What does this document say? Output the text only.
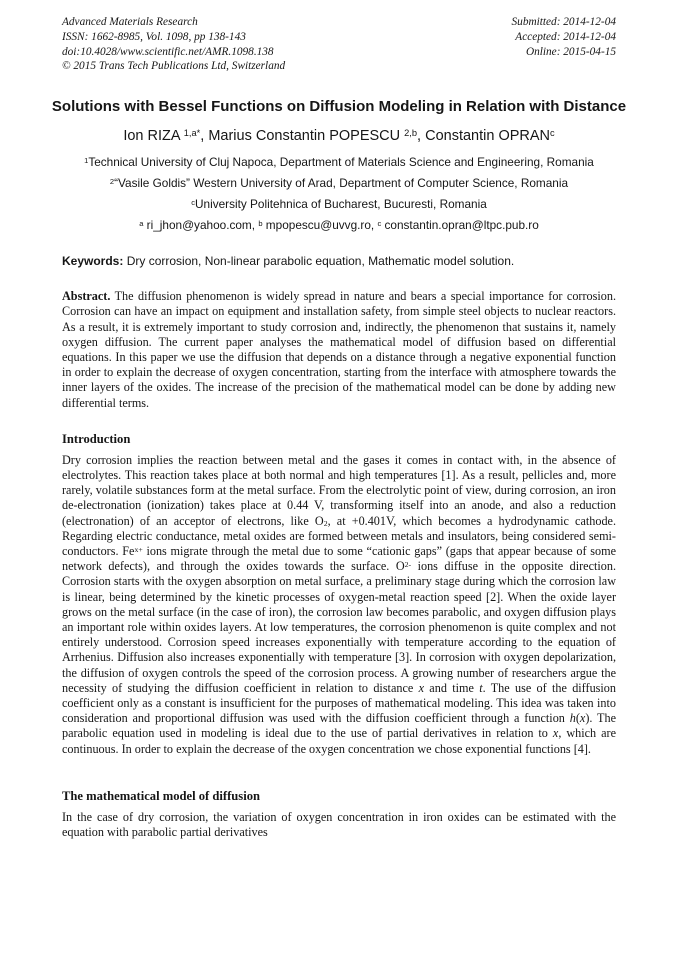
Advanced Materials Research
ISSN: 1662-8985, Vol. 1098, pp 138-143
doi:10.4028/www.scientific.net/AMR.1098.138
© 2015 Trans Tech Publications Ltd, Switzerland
Submitted: 2014-12-04
Accepted: 2014-12-04
Online: 2015-04-15
Solutions with Bessel Functions on Diffusion Modeling in Relation with Distance
Ion RIZA $^{1,a*}$, Marius Constantin POPESCU $^{2,b}$, Constantin OPRAN$^c$
$^1$Technical University of Cluj Napoca, Department of Materials Science and Engineering, Romania
$^2$“Vasile Goldis” Western University of Arad, Department of Computer Science, Romania
$^c$University Politehnica of Bucharest, Bucuresti, Romania
$^a$ ri_jhon@yahoo.com, $^b$ mpopescu@uvvg.ro, $^c$ constantin.opran@ltpc.pub.ro
Keywords: Dry corrosion, Non-linear parabolic equation, Mathematic model solution.

Abstract. The diffusion phenomenon is widely spread in nature and bears a special importance for corrosion. Corrosion can have an impact on equipment and installation safety, from simple steel objects to nuclear reactors. As a result, it is extremely important to study corrosion and, indirectly, the phenomenon that sustains it, namely oxygen diffusion. The current paper analyses the mathematical model of diffusion based on differential equations. In this paper we use the diffusion that depends on a distance through a negative exponential function in order to explain the decrease of oxygen concentration, starting from the interface with atmosphere towards the inner layers of the oxides. The increase of the precision of the mathematical model can be done by adding new differential terms.

Introduction

Dry corrosion implies the reaction between metal and the gases it comes in contact with, in the absence of electrolytes. This reaction takes place at both normal and high temperatures [1]. As a result, pellicles and, more rarely, volatile substances form at the metal surface. From the electrolytic point of view, during corrosion, an iron de-electronation (ionization) takes place at 0.44 V, transforming itself into an anode, and also a reduction (electronation) of an acceptor of electrons, like $O_2$, at +0.401V, which becomes a hydrodynamic cathode. Regarding electric conductance, metal oxides are formed between metals and insulators, being considered semi-conductors. $Fe^{x+}$ ions migrate through the metal due to some “cationic gaps” (gaps that appear because of some network defects), and through the oxides towards the surface. $O^{2-}$ ions diffuse in the opposite direction. Corrosion starts with the oxygen absorption on metal surface, a preliminary stage during which the corrosion law is linear, being determined by the kinetic processes of oxygen-metal reaction speed [2]. When the oxide layer grows on the metal surface (in the case of iron), the corrosion law becomes parabolic, and oxygen diffusion plays an important role within oxides layers. At low temperatures, the corrosion phenomenon is quite complex and not entirely understood. Corrosion speed increases exponentially with temperature according to the equation of Arrhenius. Diffusion also increases exponentially with temperature [3]. In corrosion with oxygen depolarization, the diffusion of oxygen controls the speed of the corrosion process. A growing number of researchers argue the necessity of studying the diffusion coefficient in relation to distance x and time t. The use of the diffusion coefficient only as a constant is insufficient for the purposes of mathematical modeling. This idea was taken into consideration and proportional diffusion was used with the diffusion coefficient through a function h(x). The parabolic equation used in modeling is ideal due to the use of partial derivatives in relation to x, which are continuous. In order to explain the decrease of the oxygen concentration we chose exponential functions [4].

The mathematical model of diffusion

In the case of dry corrosion, the variation of oxygen concentration in iron oxides can be estimated with the equation with parabolic partial derivatives
